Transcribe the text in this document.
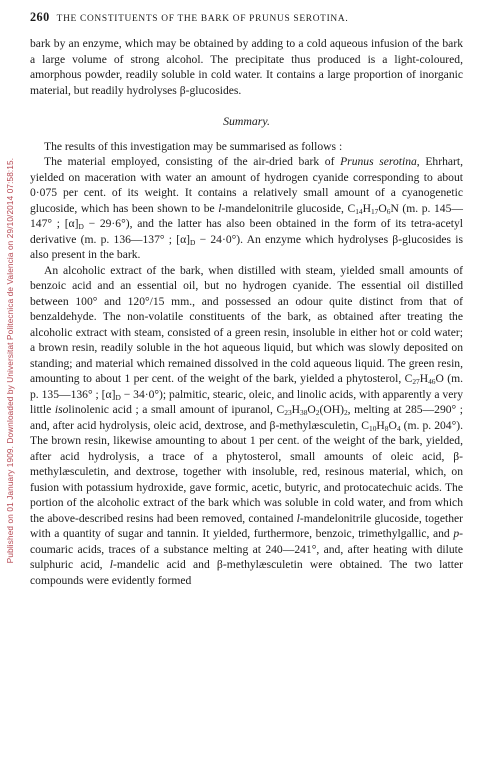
Published on 01 January 1909. Downloaded by Universitat Politecnica de Valencia on 29/10/2014 07:58:15.
260 THE CONSTITUENTS OF THE BARK OF PRUNUS SEROTINA.

bark by an enzyme, which may be obtained by adding to a cold aqueous infusion of the bark a large volume of strong alcohol. The precipitate thus produced is a light-coloured, amorphous powder, readily soluble in cold water. It contains a large proportion of inorganic material, but readily hydrolyses β-glucosides.

Summary.

The results of this investigation may be summarised as follows :

The material employed, consisting of the air-dried bark of Prunus serotina, Ehrhart, yielded on maceration with water an amount of hydrogen cyanide corresponding to about 0·075 per cent. of its weight. It contains a relatively small amount of a cyanogenetic glucoside, which has been shown to be l-mandelonitrile glucoside, $C_{14}H_{17}O_6N$ (m. p. 145—147° ; $[\alpha]_D - 29\cdot 6^\circ$), and the latter has also been obtained in the form of its tetra-acetyl derivative (m. p. 136—137° ; $[\alpha]_D - 24\cdot 0^\circ$). An enzyme which hydrolyses β-glucosides is also present in the bark.

An alcoholic extract of the bark, when distilled with steam, yielded small amounts of benzoic acid and an essential oil, but no hydrogen cyanide. The essential oil distilled between 100° and 120°/15 mm., and possessed an odour quite distinct from that of benzaldehyde. The non-volatile constituents of the bark, as obtained after treating the alcoholic extract with steam, consisted of a green resin, insoluble in either hot or cold water; a brown resin, readily soluble in the hot aqueous liquid, but which was slowly deposited on standing; and material which remained dissolved in the cold aqueous liquid. The green resin, amounting to about 1 per cent. of the weight of the bark, yielded a phytosterol, $C_{27}H_{46}O$ (m. p. 135—136° ; $[\alpha]_D - 34\cdot 0^\circ$); palmitic, stearic, oleic, and linolic acids, with apparently a very little isolinolenic acid ; a small amount of ipuranol, $C_{23}H_{38}O_2(OH)_2$, melting at 285—290° ; and, after acid hydrolysis, oleic acid, dextrose, and β-methylæsculetin, $C_{10}H_8O_4$ (m. p. 204°). The brown resin, likewise amounting to about 1 per cent. of the weight of the bark, yielded, after acid hydrolysis, a trace of a phytosterol, small amounts of oleic acid, β-methylæsculetin, and dextrose, together with insoluble, red, resinous material, which, on fusion with potassium hydroxide, gave formic, acetic, butyric, and protocatechuic acids. The portion of the alcoholic extract of the bark which was soluble in cold water, and from which the above-described resins had been removed, contained l-mandelonitrile glucoside, together with a quantity of sugar and tannin. It yielded, furthermore, benzoic, trimethylgallic, and p-coumaric acids, traces of a substance melting at 240—241°, and, after heating with dilute sulphuric acid, l-mandelic acid and β-methylæsculetin were obtained. The two latter compounds were evidently formed
